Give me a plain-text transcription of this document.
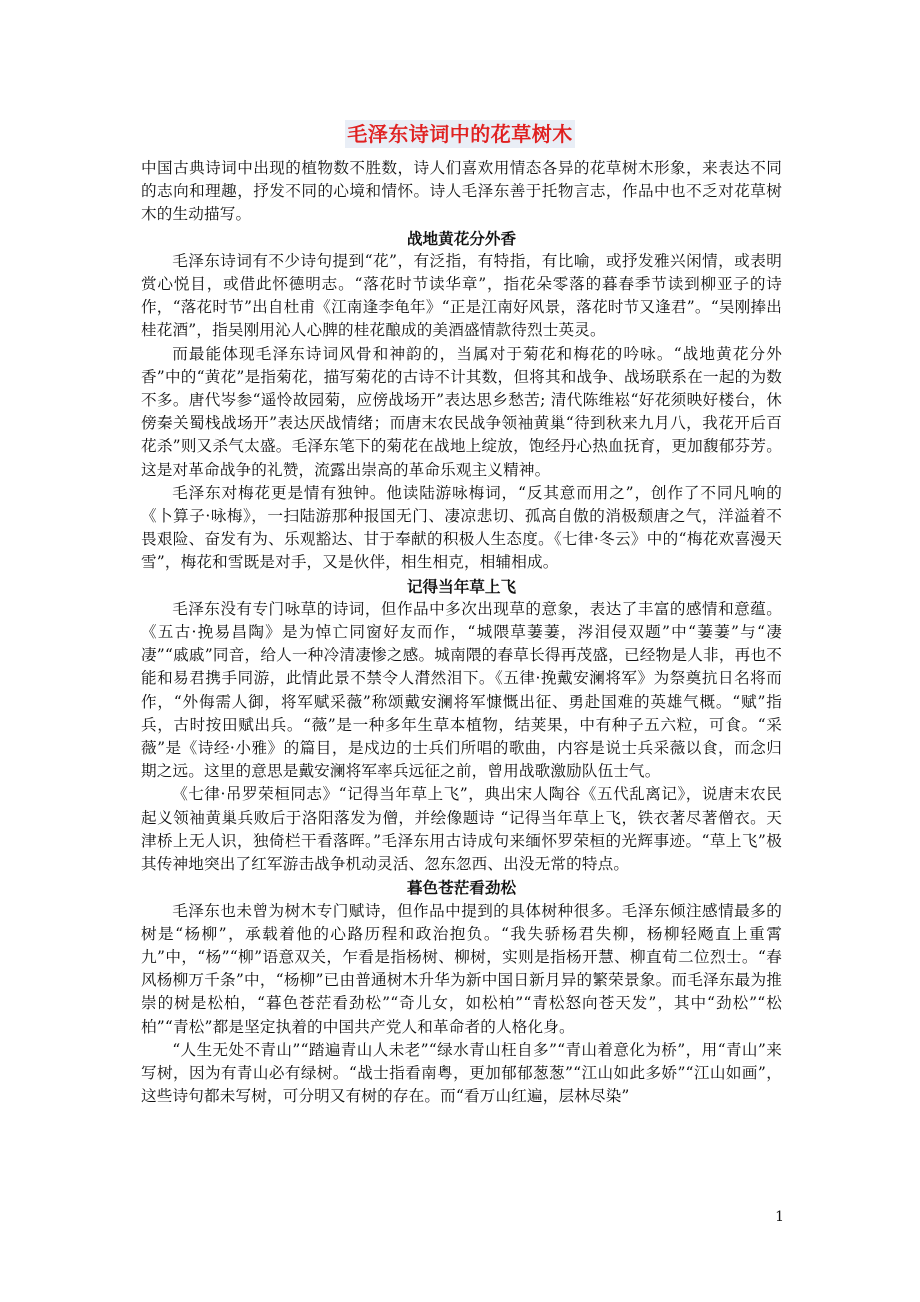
毛泽东诗词中的花草树木

中国古典诗词中出现的植物数不胜数，诗人们喜欢用情态各异的花草树木形象，来表达不同的志向和理趣，抒发不同的心境和情怀。诗人毛泽东善于托物言志，作品中也不乏对花草树木的生动描写。

战地黄花分外香

毛泽东诗词有不少诗句提到“花”，有泛指，有特指，有比喻，或抒发雅兴闲情，或表明赏心悦目，或借此怀德明志。“落花时节读华章”，指花朵零落的暮春季节读到柳亚子的诗作，“落花时节”出自杜甫《江南逢李龟年》“正是江南好风景，落花时节又逢君”。“吴刚捧出桂花酒”，指吴刚用沁人心脾的桂花酿成的美酒盛情款待烈士英灵。

而最能体现毛泽东诗词风骨和神韵的，当属对于菊花和梅花的吟咏。“战地黄花分外香”中的“黄花”是指菊花，描写菊花的古诗不计其数，但将其和战争、战场联系在一起的为数不多。唐代岑参“遥怜故园菊，应傍战场开”表达思乡愁苦; 清代陈维崧“好花须映好楼台，休傍秦关蜀栈战场开”表达厌战情绪；而唐末农民战争领袖黄巢“待到秋来九月八，我花开后百花杀”则又杀气太盛。毛泽东笔下的菊花在战地上绽放，饱经丹心热血抚育，更加馥郁芬芳。这是对革命战争的礼赞，流露出崇高的革命乐观主义精神。

毛泽东对梅花更是情有独钟。他读陆游咏梅词，“反其意而用之”，创作了不同凡响的《卜算子·咏梅》，一扫陆游那种报国无门、凄凉悲切、孤高自傲的消极颓唐之气，洋溢着不畏艰险、奋发有为、乐观豁达、甘于奉献的积极人生态度。《七律·冬云》中的“梅花欢喜漫天雪”，梅花和雪既是对手，又是伙伴，相生相克，相辅相成。

记得当年草上飞

毛泽东没有专门咏草的诗词，但作品中多次出现草的意象，表达了丰富的感情和意蕴。《五古·挽易昌陶》是为悼亡同窗好友而作，“城隈草萋萋，涔泪侵双题”中“萋萋”与“凄凄”“戚戚”同音，给人一种冷清凄惨之感。城南隈的春草长得再茂盛，已经物是人非，再也不能和易君携手同游，此情此景不禁令人潸然泪下。《五律·挽戴安澜将军》为祭奠抗日名将而作，“外侮需人御，将军赋采薇”称颂戴安澜将军慷慨出征、勇赴国难的英雄气概。“赋”指兵，古时按田赋出兵。“薇”是一种多年生草本植物，结荚果，中有种子五六粒，可食。“采薇”是《诗经·小雅》的篇目，是戍边的士兵们所唱的歌曲，内容是说士兵采薇以食，而念归期之远。这里的意思是戴安澜将军率兵远征之前，曾用战歌激励队伍士气。

《七律·吊罗荣桓同志》“记得当年草上飞”，典出宋人陶谷《五代乱离记》，说唐末农民起义领袖黄巢兵败后于洛阳落发为僧，并绘像题诗 “记得当年草上飞，铁衣著尽著僧衣。天津桥上无人识，独倚栏干看落晖。”毛泽东用古诗成句来缅怀罗荣桓的光辉事迹。“草上飞”极其传神地突出了红军游击战争机动灵活、忽东忽西、出没无常的特点。

暮色苍茫看劲松

毛泽东也未曾为树木专门赋诗，但作品中提到的具体树种很多。毛泽东倾注感情最多的树是“杨柳”，承载着他的心路历程和政治抱负。“我失骄杨君失柳，杨柳轻飏直上重霄九”中，“杨”“柳”语意双关，乍看是指杨树、柳树，实则是指杨开慧、柳直荀二位烈士。“春风杨柳万千条”中，“杨柳”已由普通树木升华为新中国日新月异的繁荣景象。而毛泽东最为推崇的树是松柏，“暮色苍茫看劲松”“奇儿女，如松柏”“青松怒向苍天发”，其中“劲松”“松柏”“青松”都是坚定执着的中国共产党人和革命者的人格化身。

“人生无处不青山”“踏遍青山人未老”“绿水青山枉自多”“青山着意化为桥”，用“青山”来写树，因为有青山必有绿树。“战士指看南粤，更加郁郁葱葱”“江山如此多娇”“江山如画”，这些诗句都未写树，可分明又有树的存在。而“看万山红遍，层林尽染”

1
